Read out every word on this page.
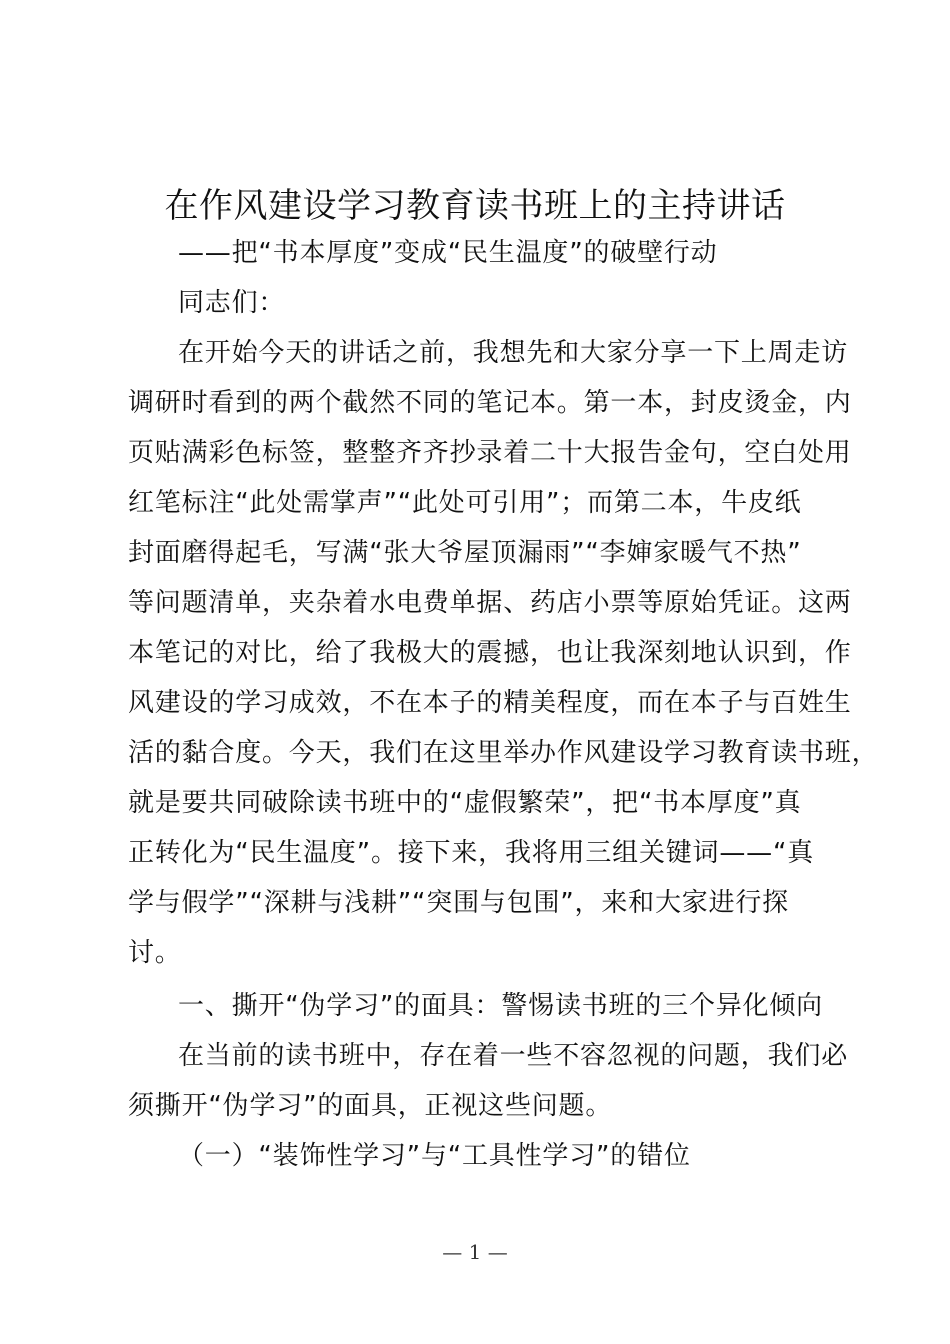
在作风建设学习教育读书班上的主持讲话
——把“书本厚度”变成“民生温度”的破壁行动
同志们：
在开始今天的讲话之前，我想先和大家分享一下上周走访
调研时看到的两个截然不同的笔记本。第一本，封皮烫金，内
页贴满彩色标签，整整齐齐抄录着二十大报告金句，空白处用
红笔标注“此处需掌声”“此处可引用”；而第二本，牛皮纸
封面磨得起毛，写满“张大爷屋顶漏雨”“李婶家暖气不热”
等问题清单，夹杂着水电费单据、药店小票等原始凭证。这两
本笔记的对比，给了我极大的震撼，也让我深刻地认识到，作
风建设的学习成效，不在本子的精美程度，而在本子与百姓生
活的黏合度。今天，我们在这里举办作风建设学习教育读书班，
就是要共同破除读书班中的“虚假繁荣”，把“书本厚度”真
正转化为“民生温度”。接下来，我将用三组关键词——“真
学与假学”“深耕与浅耕”“突围与包围”，来和大家进行探
讨。
一、撕开“伪学习”的面具：警惕读书班的三个异化倾向
在当前的读书班中，存在着一些不容忽视的问题，我们必
须撕开“伪学习”的面具，正视这些问题。
（一）“装饰性学习”与“工具性学习”的错位
— 1 —
